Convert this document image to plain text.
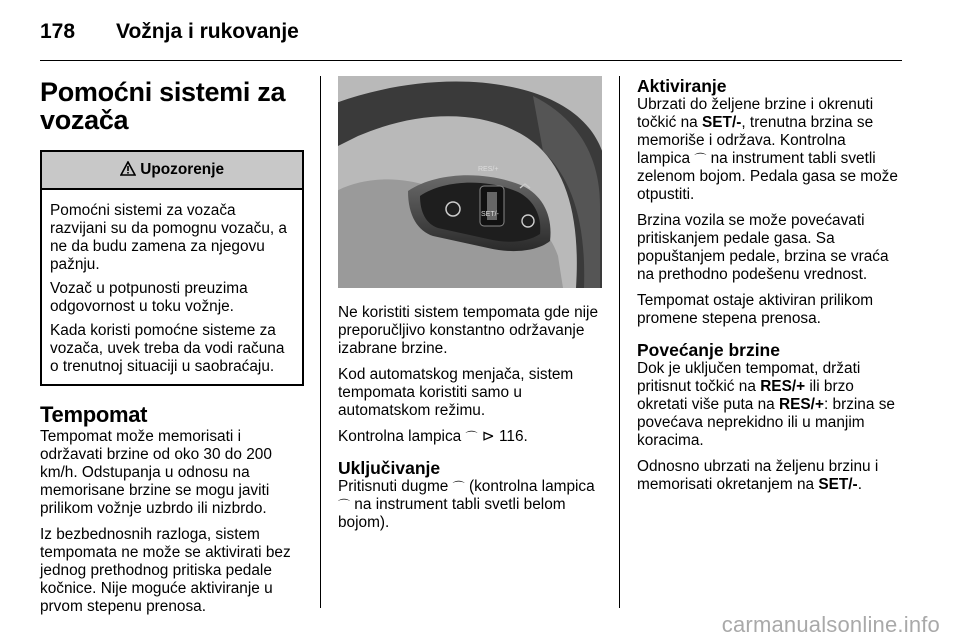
178 Vožnja i rukovanje
Pomoćni sistemi za vozača
Upozorenje

Pomoćni sistemi za vozača razvijani su da pomognu vozaču, a ne da budu zamena za njegovu pažnju.

Vozač u potpunosti preuzima odgovornost u toku vožnje.

Kada koristi pomoćne sisteme za vozača, uvek treba da vodi računa o trenutnoj situaciji u saobraćaju.

Tempomat

Tempomat može memorisati i održavati brzine od oko 30 do 200 km/h. Odstupanja u odnosu na memorisane brzine se mogu javiti prilikom vožnje uzbrdo ili nizbrdo.

Iz bezbednosnih razloga, sistem tempomata ne može se aktivirati bez jednog prethodnog pritiska pedale kočnice. Nije moguće aktiviranje u prvom stepenu prenosa.

RES/+
SET/-

Ne koristiti sistem tempomata gde nije preporučljivo konstantno održavanje izabrane brzine.

Kod automatskog menjača, sistem tempomata koristiti samo u automatskom režimu.

Kontrolna lampica ⌒ ⊳ 116.

Uključivanje

Pritisnuti dugme ⌒ (kontrolna lampica ⌒ na instrument tabli svetli belom bojom).

Aktiviranje

Ubrzati do željene brzine i okrenuti točkić na SET/-, trenutna brzina se memoriše i održava. Kontrolna lampica ⌒ na instrument tabli svetli zelenom bojom. Pedala gasa se može otpustiti.

Brzina vozila se može povećavati pritiskanjem pedale gasa. Sa popuštanjem pedale, brzina se vraća na prethodno podešenu vrednost.

Tempomat ostaje aktiviran prilikom promene stepena prenosa.

Povećanje brzine

Dok je uključen tempomat, držati pritisnut točkić na RES/+ ili brzo okretati više puta na RES/+: brzina se povećava neprekidno ili u manjim koracima.

Odnosno ubrzati na željenu brzinu i memorisati okretanjem na SET/-.

carmanualsonline.info
